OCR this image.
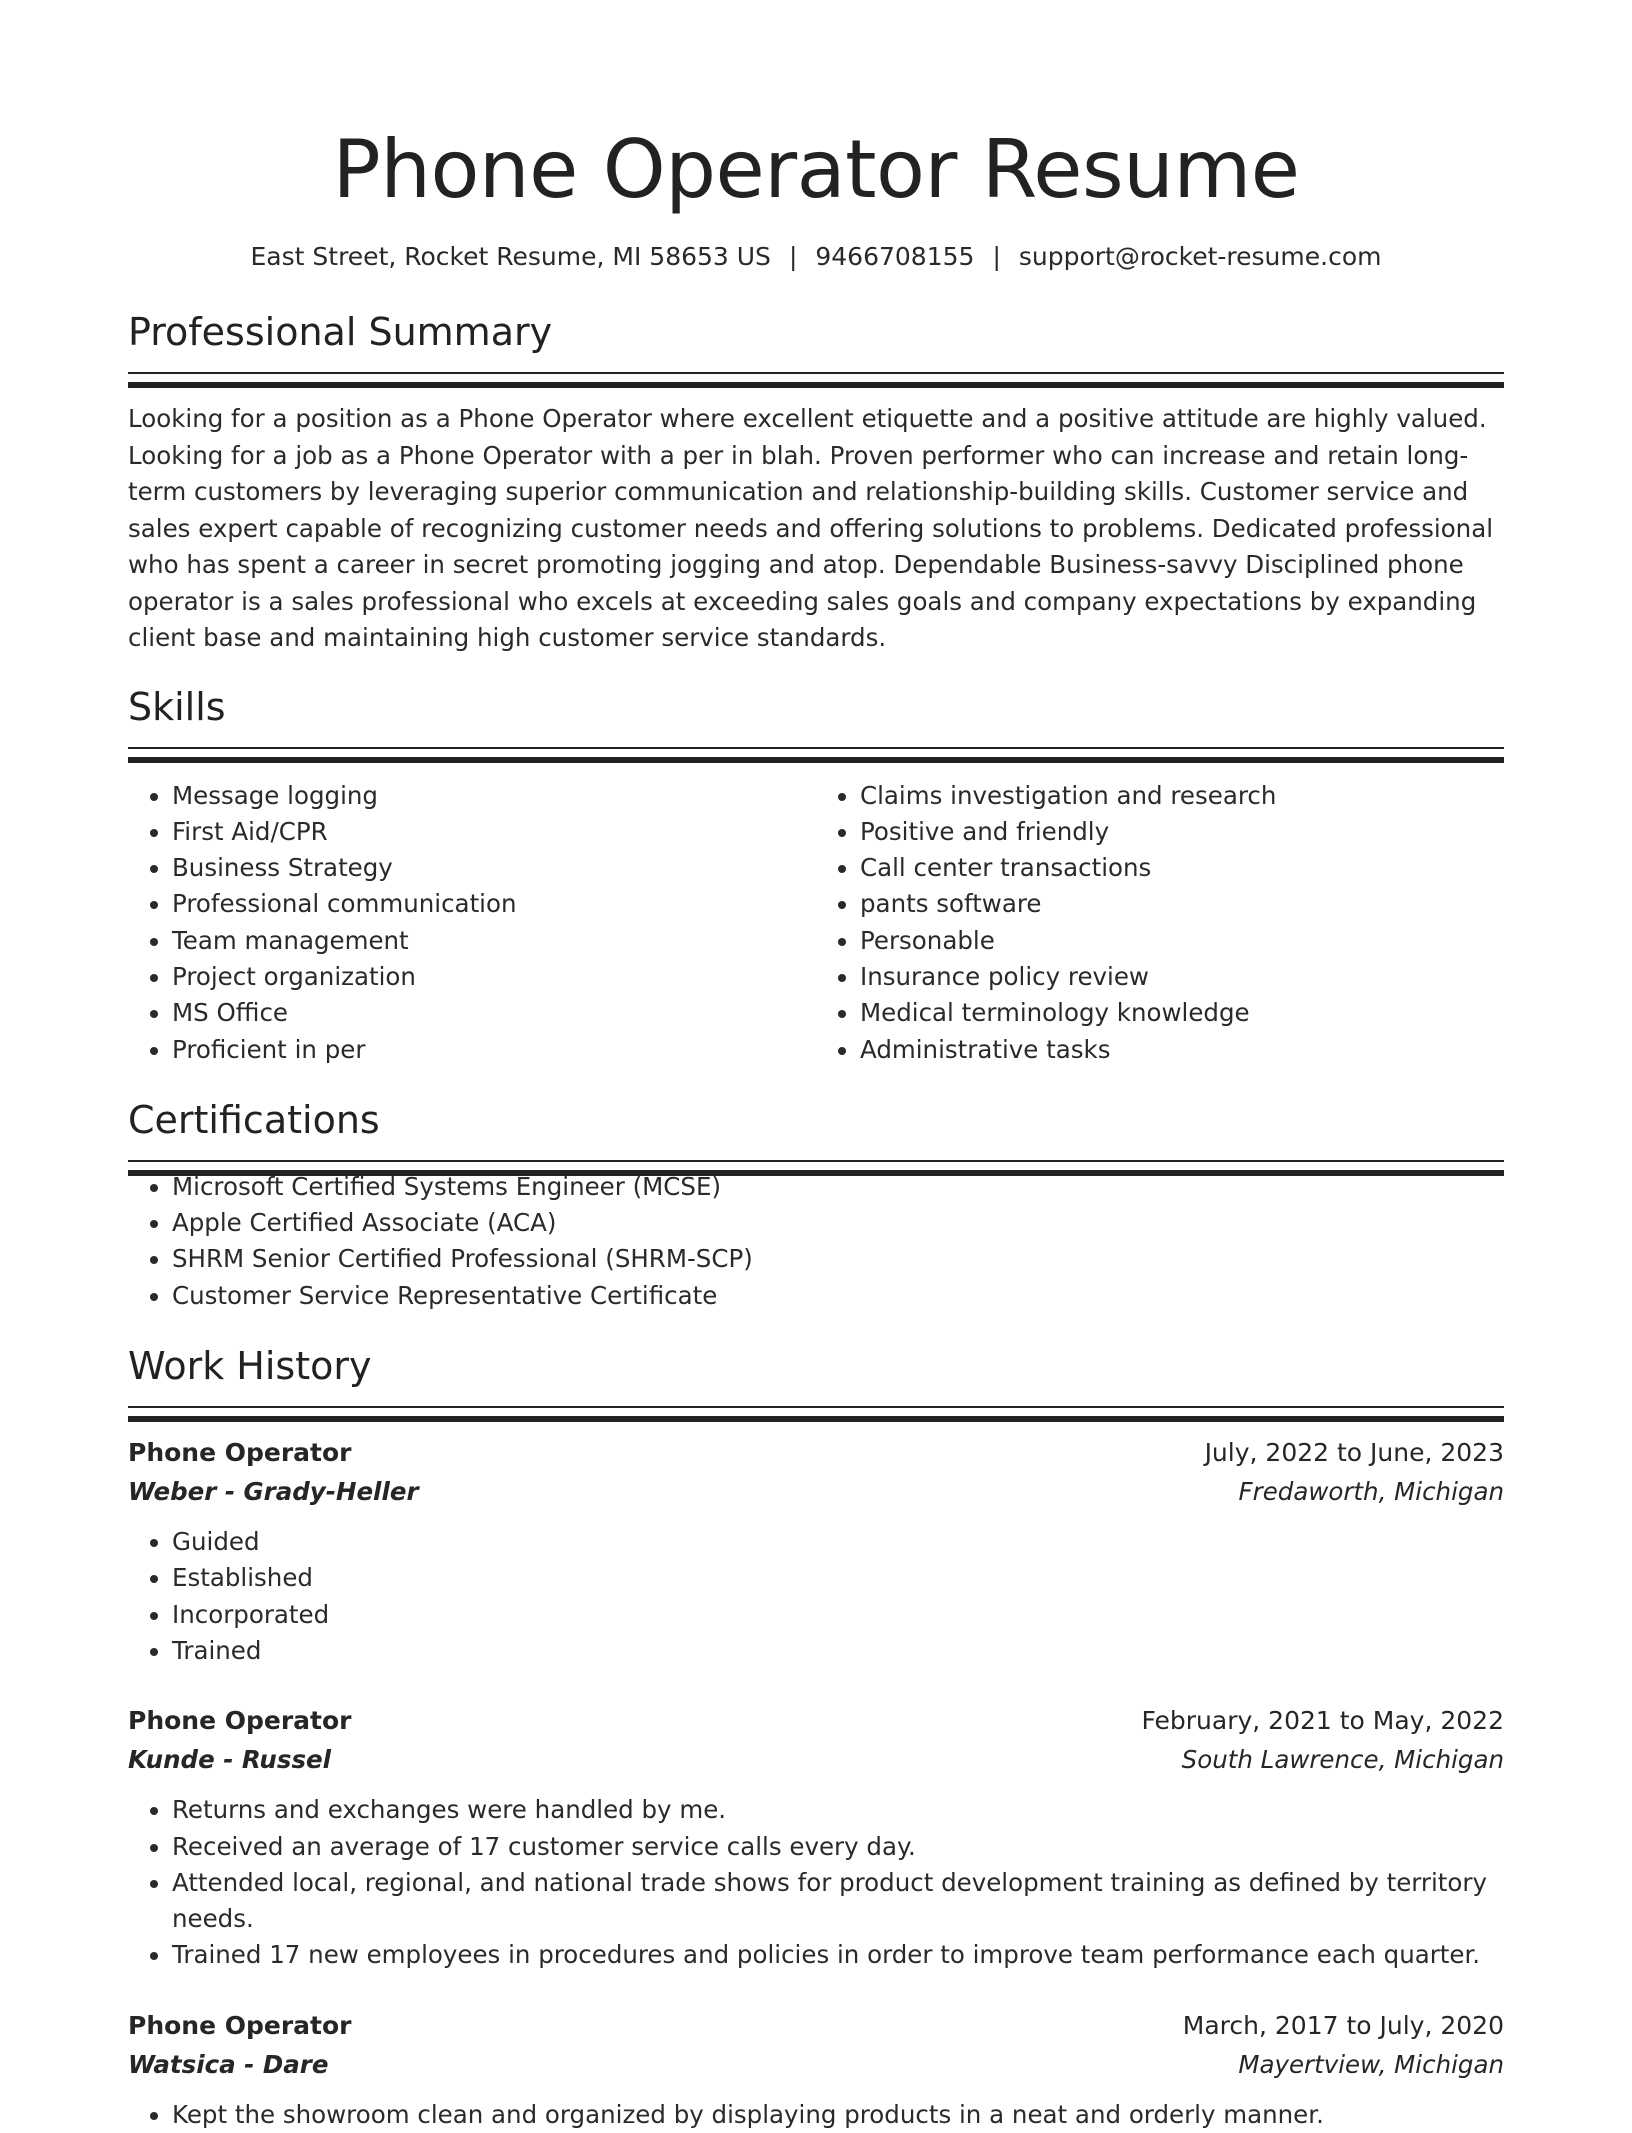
Phone Operator Resume
East Street, Rocket Resume, MI 58653 US | 9466708155 | support@rocket-resume.com
Professional Summary

Looking for a position as a Phone Operator where excellent etiquette and a positive attitude are highly valued. Looking for a job as a Phone Operator with a per in blah. Proven performer who can increase and retain long-term customers by leveraging superior communication and relationship-building skills. Customer service and sales expert capable of recognizing customer needs and offering solutions to problems. Dedicated professional who has spent a career in secret promoting jogging and atop. Dependable Business-savvy Disciplined phone operator is a sales professional who excels at exceeding sales goals and company expectations by expanding client base and maintaining high customer service standards.

Skills
• Message logging
• First Aid/CPR
• Business Strategy
• Professional communication
• Team management
• Project organization
• MS Office
• Proficient in per
• Claims investigation and research
• Positive and friendly
• Call center transactions
• pants software
• Personable
• Insurance policy review
• Medical terminology knowledge
• Administrative tasks
Certifications
• Microsoft Certified Systems Engineer (MCSE)
• Apple Certified Associate (ACA)
• SHRM Senior Certified Professional (SHRM-SCP)
• Customer Service Representative Certificate
Work History
Phone Operator	July, 2022 to June, 2023
Weber - Grady-Heller	Fredaworth, Michigan
• Guided
• Established
• Incorporated
• Trained
Phone Operator	February, 2021 to May, 2022
Kunde - Russel	South Lawrence, Michigan
• Returns and exchanges were handled by me.
• Received an average of 17 customer service calls every day.
• Attended local, regional, and national trade shows for product development training as defined by territory needs.
• Trained 17 new employees in procedures and policies in order to improve team performance each quarter.
Phone Operator	March, 2017 to July, 2020
Watsica - Dare	Mayertview, Michigan
• Kept the showroom clean and organized by displaying products in a neat and orderly manner.
